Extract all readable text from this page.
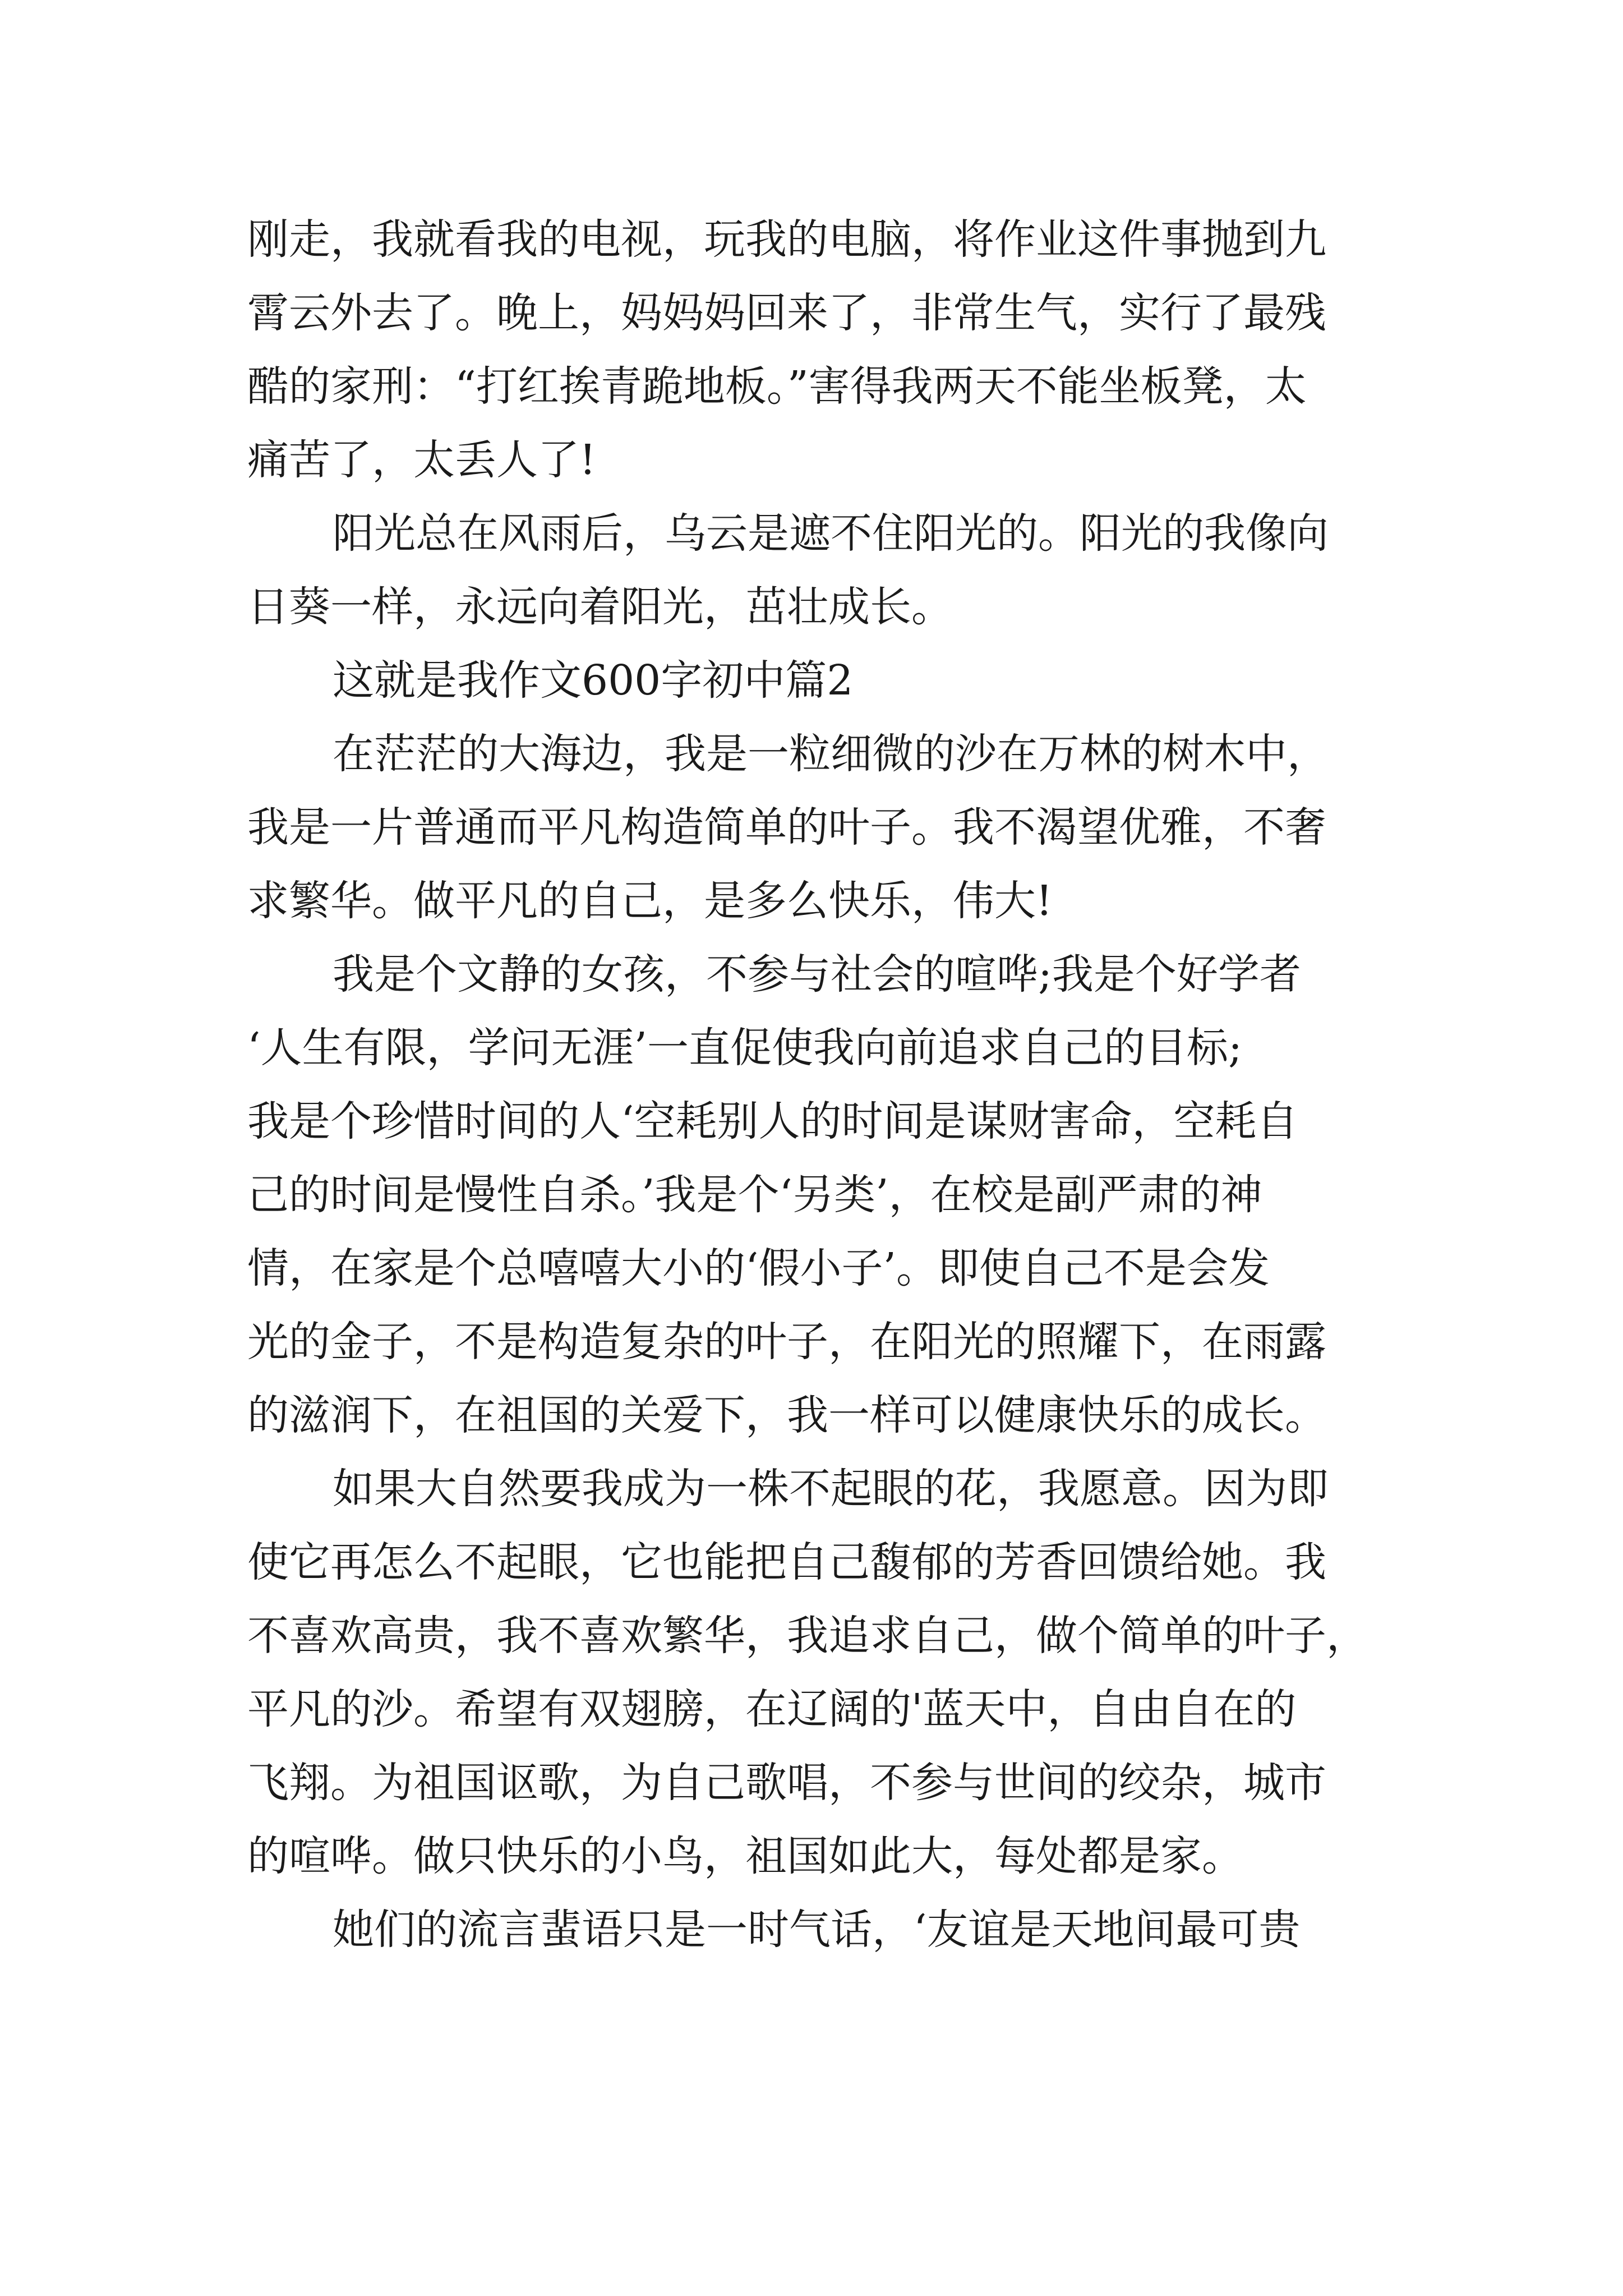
刚走，我就看我的电视，玩我的电脑，将作业这件事抛到九
霄云外去了。晚上，妈妈妈回来了，非常生气，实行了最残
酷的家刑：“打红挨青跪地板。”害得我两天不能坐板凳，太
痛苦了，太丢人了!
阳光总在风雨后，乌云是遮不住阳光的。阳光的我像向
日葵一样，永远向着阳光，茁壮成长。
这就是我作文600字初中篇2
在茫茫的大海边，我是一粒细微的沙在万林的树木中，
我是一片普通而平凡构造简单的叶子。我不渴望优雅，不奢
求繁华。做平凡的自己，是多么快乐，伟大!
我是个文静的女孩，不参与社会的喧哗;我是个好学者
‘人生有限，学问无涯’一直促使我向前追求自己的目标;
我是个珍惜时间的人‘空耗别人的时间是谋财害命，空耗自
己的时间是慢性自杀。’我是个‘另类’，在校是副严肃的神
情，在家是个总嘻嘻大小的‘假小子’。即使自己不是会发
光的金子，不是构造复杂的叶子，在阳光的照耀下，在雨露
的滋润下，在祖国的关爱下，我一样可以健康快乐的成长。
如果大自然要我成为一株不起眼的花，我愿意。因为即
使它再怎么不起眼，它也能把自己馥郁的芳香回馈给她。我
不喜欢高贵，我不喜欢繁华，我追求自己，做个简单的叶子，
平凡的沙。希望有双翅膀，在辽阔的'蓝天中，自由自在的
飞翔。为祖国讴歌，为自己歌唱，不参与世间的绞杂，城市
的喧哗。做只快乐的小鸟，祖国如此大，每处都是家。
她们的流言蜚语只是一时气话，‘友谊是天地间最可贵
